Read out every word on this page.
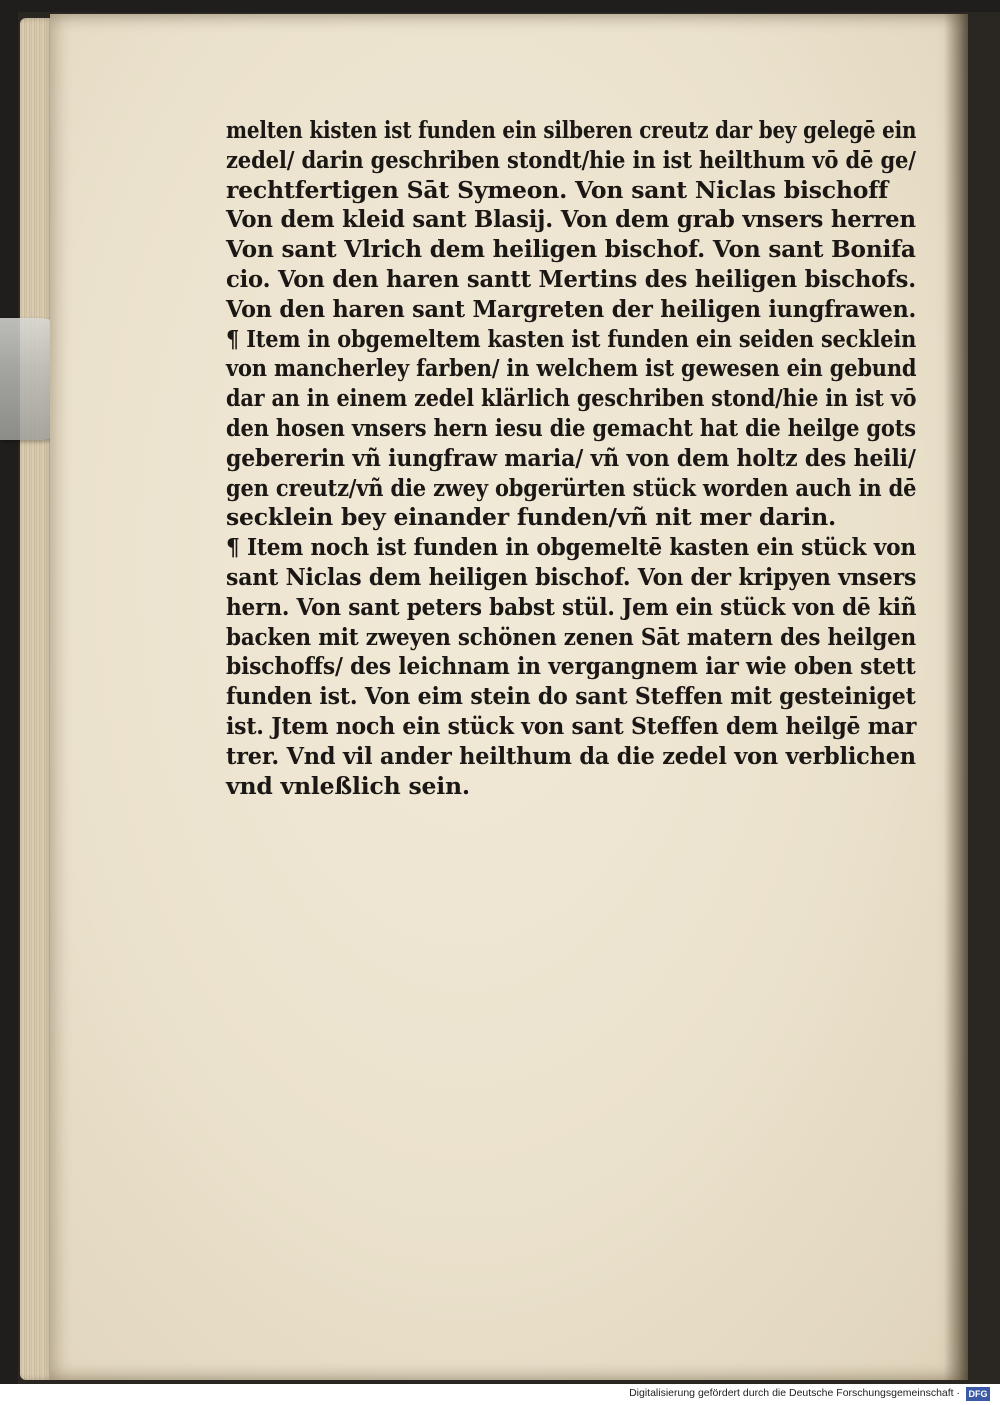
melten kisten ist funden ein silberen creutz dar bey gelegē ein
zedel/ darin geschriben stondt/hie in ist heilthum vō dē ge/
rechtfertigen Sāt Symeon. Von sant Niclas bischoff
Von dem kleid sant Blasij. Von dem grab vnsers herren
Von sant Vlrich dem heiligen bischof. Von sant Bonifa
cio. Von den haren santt Mertins des heiligen bischofs.
Von den haren sant Margreten der heiligen iungfrawen.
¶ Item in obgemeltem kasten ist funden ein seiden secklein
von mancherley farben/ in welchem ist gewesen ein gebund
dar an in einem zedel klärlich geschriben stond/hie in ist vō
den hosen vnsers hern iesu die gemacht hat die heilge gots
gebererin vñ iungfraw maria/ vñ von dem holtz des heili/
gen creutz/vñ die zwey obgerürten stück worden auch in dē
secklein bey einander funden/vñ nit mer darin.
¶ Item noch ist funden in obgemeltē kasten ein stück von
sant Niclas dem heiligen bischof. Von der kripyen vnsers
hern. Von sant peters babst stül. Jem ein stück von dē kiñ
backen mit zweyen schönen zenen Sāt matern des heilgen
bischoffs/ des leichnam in vergangnem iar wie oben stett
funden ist. Von eim stein do sant Steffen mit gesteiniget
ist. Jtem noch ein stück von sant Steffen dem heilgē mar
trer. Vnd vil ander heilthum da die zedel von verblichen
vnd vnleßlich sein.
Digitalisierung gefördert durch die Deutsche Forschungsgemeinschaft · DFG
